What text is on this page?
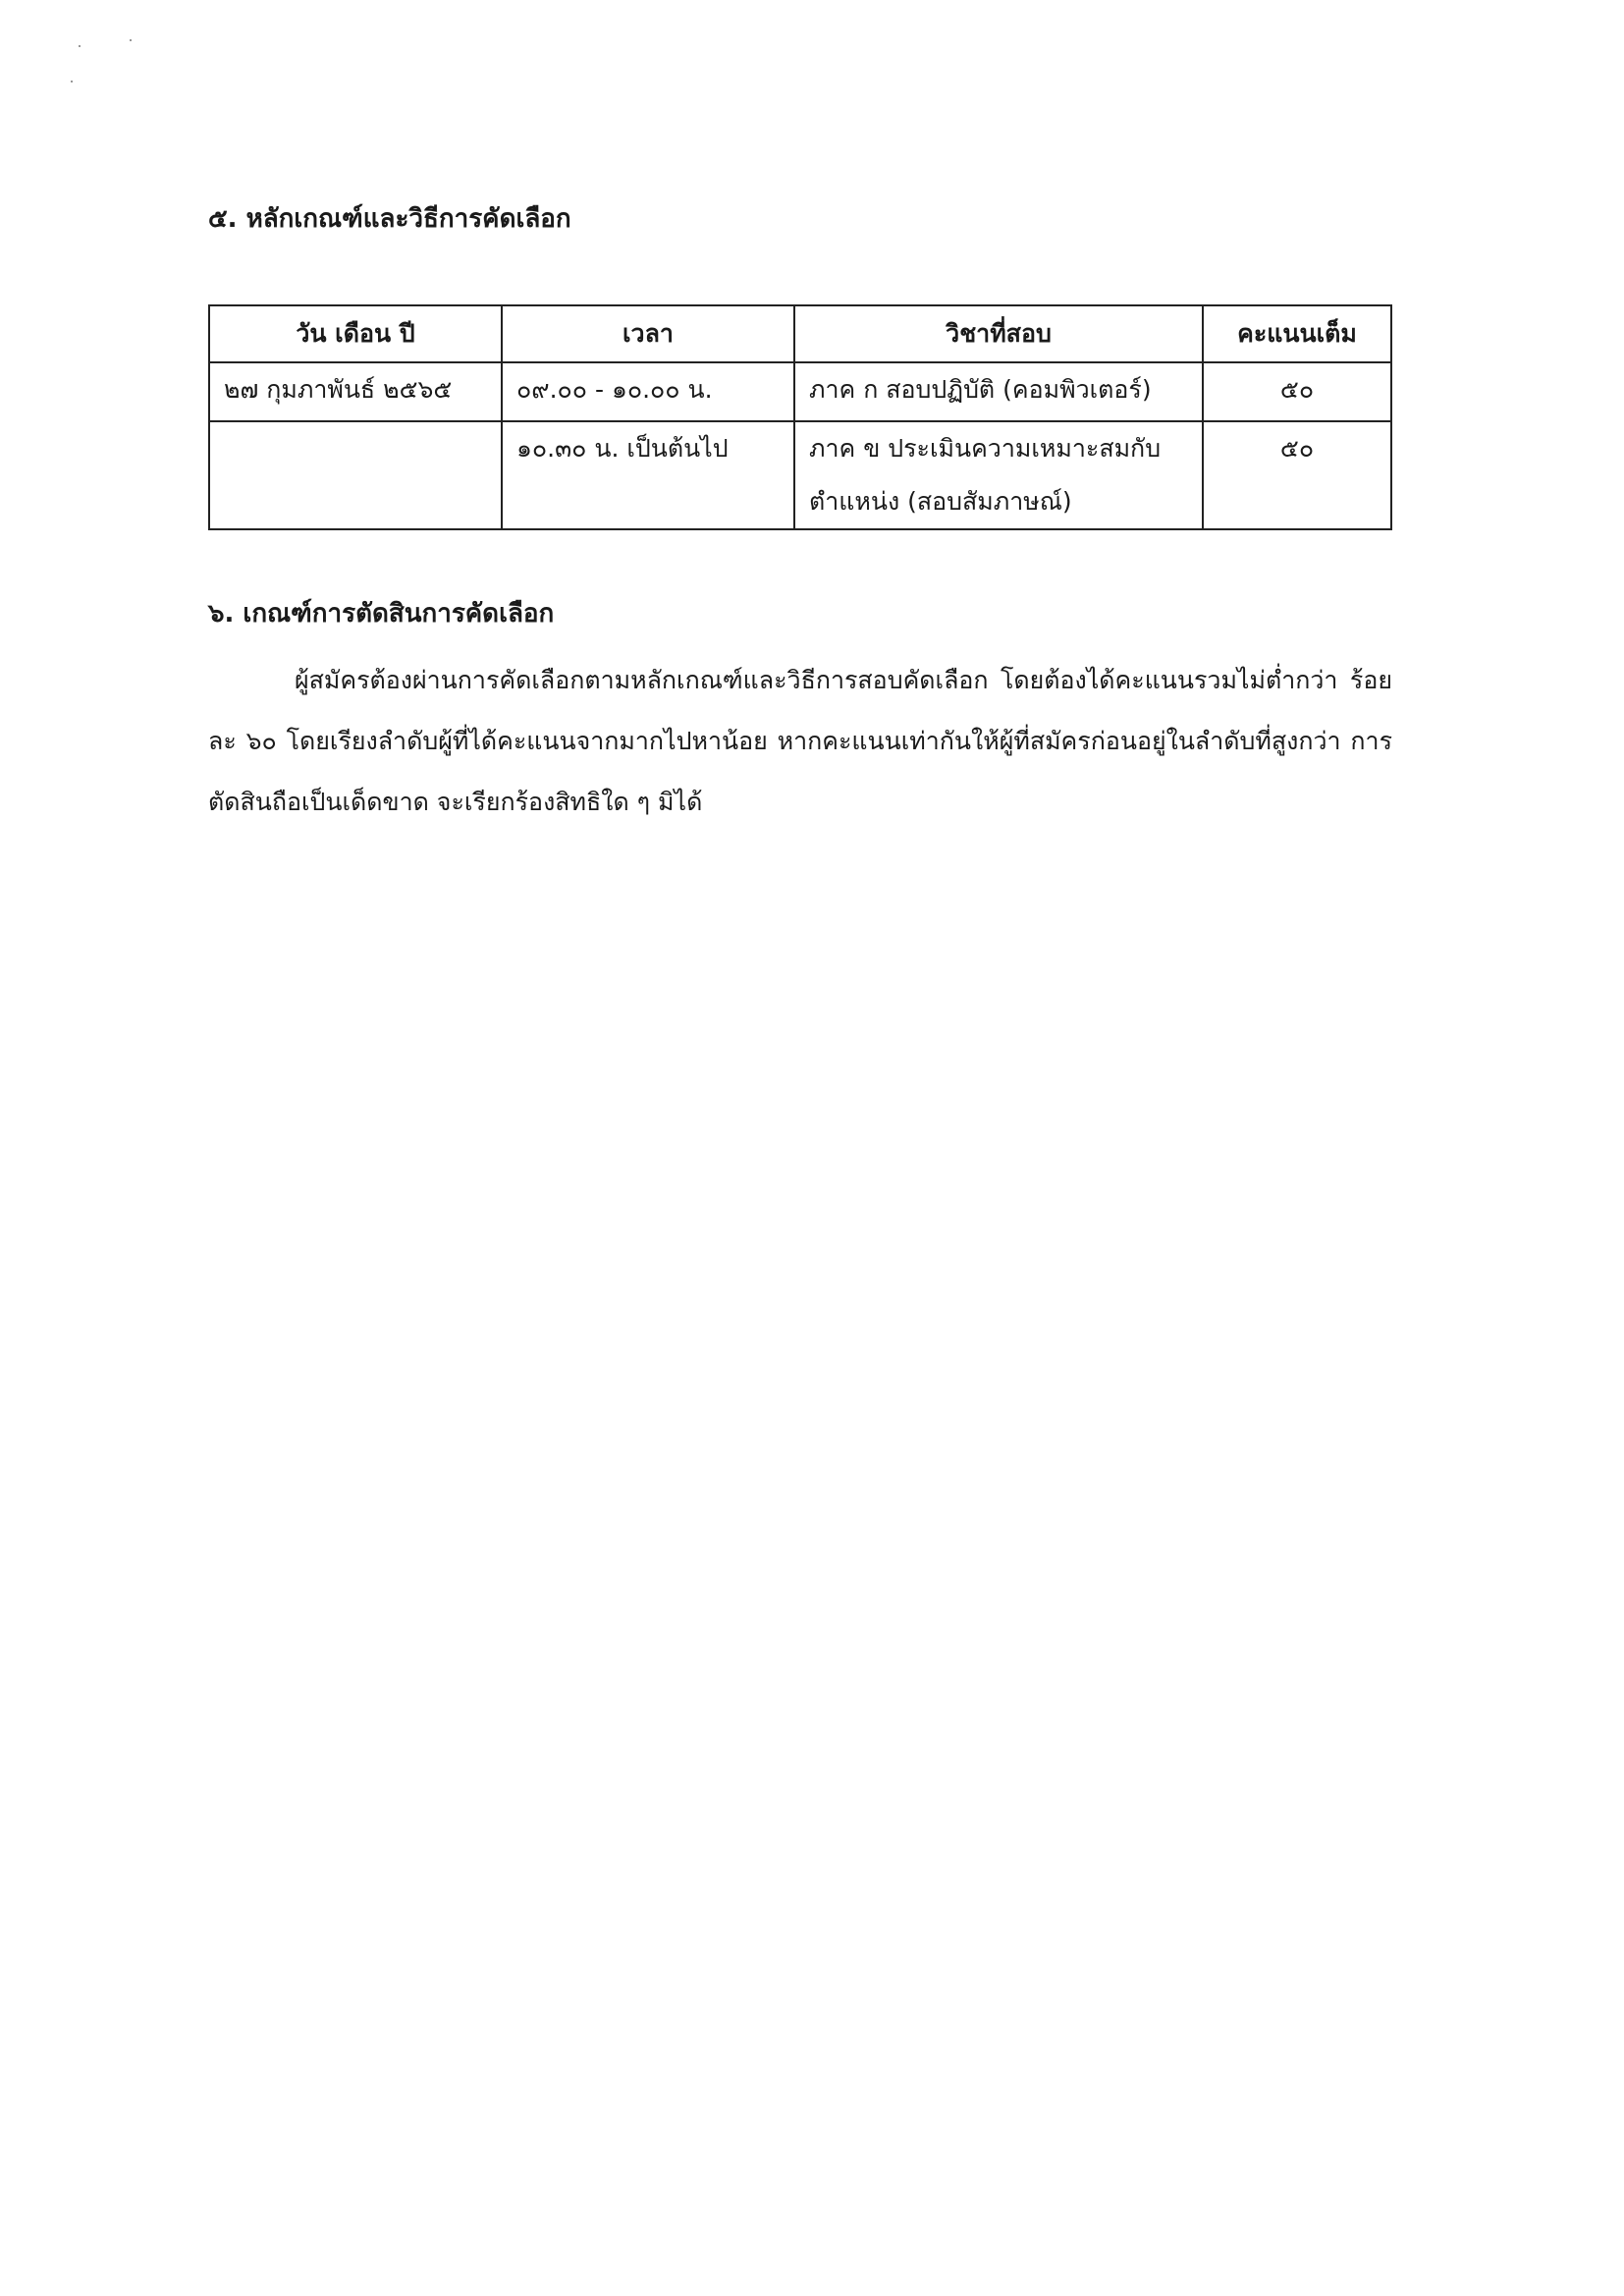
๕. หลักเกณฑ์และวิธีการคัดเลือก
วัน เดือน ปี	เวลา	วิชาที่สอบ	คะแนนเต็ม
๒๗ กุมภาพันธ์ ๒๕๖๕	๐๙.๐๐ - ๑๐.๐๐ น.	ภาค ก สอบปฏิบัติ (คอมพิวเตอร์)	๕๐
	๑๐.๓๐ น. เป็นต้นไป	ภาค ข ประเมินความเหมาะสมกับตำแหน่ง (สอบสัมภาษณ์)	๕๐
๖. เกณฑ์การตัดสินการคัดเลือก

ผู้สมัครต้องผ่านการคัดเลือกตามหลักเกณฑ์และวิธีการสอบคัดเลือก โดยต้องได้คะแนนรวมไม่ต่ำกว่า ร้อยละ ๖๐ โดยเรียงลำดับผู้ที่ได้คะแนนจากมากไปหาน้อย หากคะแนนเท่ากันให้ผู้ที่สมัครก่อนอยู่ในลำดับที่สูงกว่า การตัดสินถือเป็นเด็ดขาด จะเรียกร้องสิทธิใด ๆ มิได้
